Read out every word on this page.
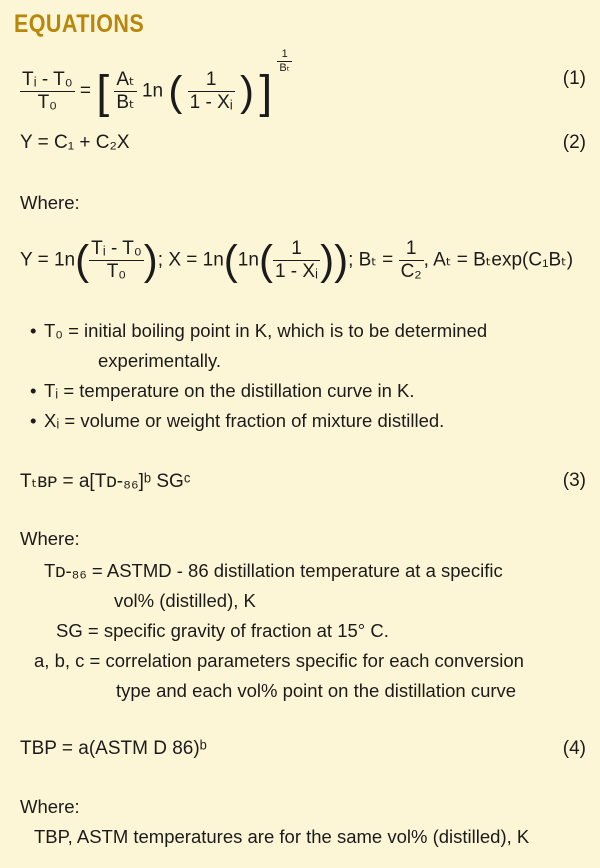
EQUATIONS
$\frac{\text{Tᵢ - T₀}}{\text{T₀}}$ = [ $\frac{\text{Aₜ}}{\text{Bₜ}} 1n$ ( $\frac{1}{\text{1 - Xᵢ}}$ ) ]
$\frac{1}{\text{Bₜ}}$
(1)
Y = C₁ + C₂X	(2)
Where:
$Y = 1n( \frac{\text{Tᵢ - T₀}}{\text{T₀}}$ ); $X = 1n(1n( \frac{1}{\text{1 - Xᵢ}}$ )); $B_t = \frac{1}{\text{C₂}}$ , Aₜ = Bₜexp(C₁Bₜ)
• T₀ = initial boiling point in K, which is to be determined
experimentally.
• Tᵢ = temperature on the distillation curve in K.
• Xᵢ = volume or weight fraction of mixture distilled.
Tₜʙᴘ = a[Tᴅ-₈₆]ᵇ SGᶜ	(3)
Where:
Tᴅ-₈₆ = ASTMD - 86 distillation temperature at a specific
vol% (distilled), K
SG = specific gravity of fraction at 15° C.
a, b, c = correlation parameters specific for each conversion
type and each vol% point on the distillation curve
TBP = a(ASTM D 86)ᵇ	(4)
Where:
TBP, ASTM temperatures are for the same vol% (distilled), K
